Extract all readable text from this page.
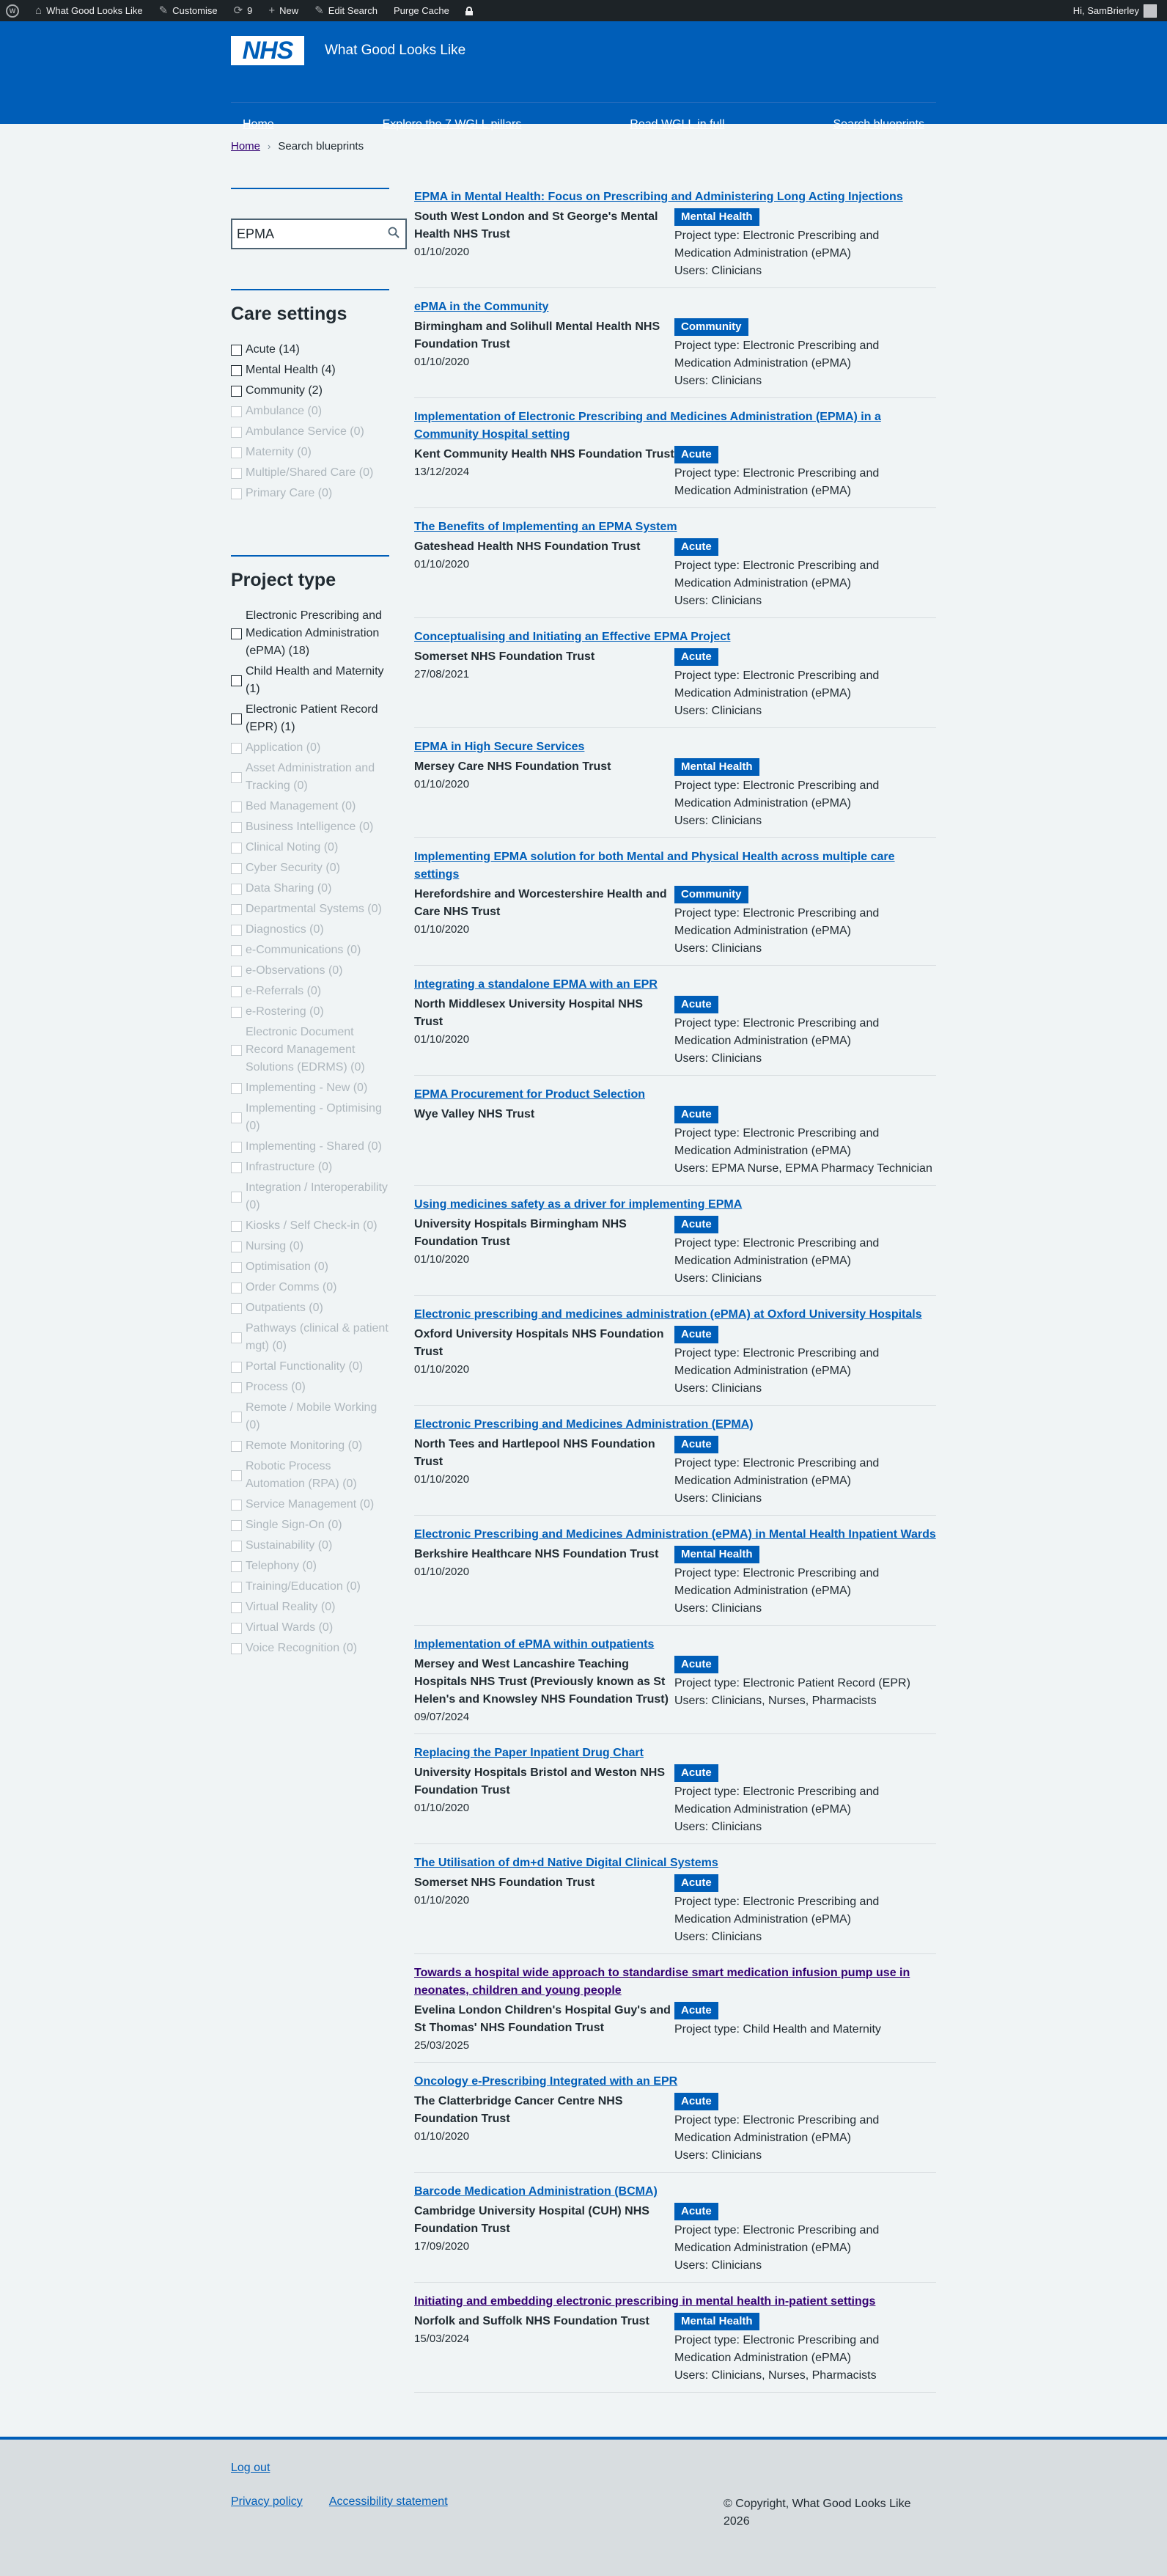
W	⌂ What Good Looks Like ✎ Customise ⟳ 9 + New ✎ Edit Search Purge Cache	Hi, SamBrierley
NHS	What Good Looks Like
Home	Explore the 7 WGLL pillars	Read WGLL in full	Search blueprints
Home › Search blueprints
EPMA
Care settings
Acute (14)
Mental Health (4)
Community (2)
Ambulance (0)
Ambulance Service (0)
Maternity (0)
Multiple/Shared Care (0)
Primary Care (0)
Project type
Electronic Prescribing and Medication Administration (ePMA) (18)
Child Health and Maternity (1)
Electronic Patient Record (EPR) (1)
Application (0)
Asset Administration and Tracking (0)
Bed Management (0)
Business Intelligence (0)
Clinical Noting (0)
Cyber Security (0)
Data Sharing (0)
Departmental Systems (0)
Diagnostics (0)
e-Communications (0)
e-Observations (0)
e-Referrals (0)
e-Rostering (0)
Electronic Document Record Management Solutions (EDRMS) (0)
Implementing - New (0)
Implementing - Optimising (0)
Implementing - Shared (0)
Infrastructure (0)
Integration / Interoperability (0)
Kiosks / Self Check-in (0)
Nursing (0)
Optimisation (0)
Order Comms (0)
Outpatients (0)
Pathways (clinical & patient mgt) (0)
Portal Functionality (0)
Process (0)
Remote / Mobile Working (0)
Remote Monitoring (0)
Robotic Process Automation (RPA) (0)
Service Management (0)
Single Sign-On (0)
Sustainability (0)
Telephony (0)
Training/Education (0)
Virtual Reality (0)
Virtual Wards (0)
Voice Recognition (0)
EPMA in Mental Health: Focus on Prescribing and Administering Long Acting Injections
South West London and St George's Mental Health NHS Trust
01/10/2020
Mental Health
Project type: Electronic Prescribing and Medication Administration (ePMA)
Users: Clinicians
ePMA in the Community
Birmingham and Solihull Mental Health NHS Foundation Trust
01/10/2020
Community
Project type: Electronic Prescribing and Medication Administration (ePMA)
Users: Clinicians
Implementation of Electronic Prescribing and Medicines Administration (EPMA) in a Community Hospital setting
Kent Community Health NHS Foundation Trust
13/12/2024
Acute
Project type: Electronic Prescribing and Medication Administration (ePMA)
The Benefits of Implementing an EPMA System
Gateshead Health NHS Foundation Trust
01/10/2020
Acute
Project type: Electronic Prescribing and Medication Administration (ePMA)
Users: Clinicians
Conceptualising and Initiating an Effective EPMA Project
Somerset NHS Foundation Trust
27/08/2021
Acute
Project type: Electronic Prescribing and Medication Administration (ePMA)
Users: Clinicians
EPMA in High Secure Services
Mersey Care NHS Foundation Trust
01/10/2020
Mental Health
Project type: Electronic Prescribing and Medication Administration (ePMA)
Users: Clinicians
Implementing EPMA solution for both Mental and Physical Health across multiple care settings
Herefordshire and Worcestershire Health and Care NHS Trust
01/10/2020
Community
Project type: Electronic Prescribing and Medication Administration (ePMA)
Users: Clinicians
Integrating a standalone EPMA with an EPR
North Middlesex University Hospital NHS Trust
01/10/2020
Acute
Project type: Electronic Prescribing and Medication Administration (ePMA)
Users: Clinicians
EPMA Procurement for Product Selection
Wye Valley NHS Trust	Acute
Project type: Electronic Prescribing and Medication Administration (ePMA)
Users: EPMA Nurse, EPMA Pharmacy Technician
Using medicines safety as a driver for implementing EPMA
University Hospitals Birmingham NHS Foundation Trust
01/10/2020
Acute
Project type: Electronic Prescribing and Medication Administration (ePMA)
Users: Clinicians
Electronic prescribing and medicines administration (ePMA) at Oxford University Hospitals
Oxford University Hospitals NHS Foundation Trust
01/10/2020
Acute
Project type: Electronic Prescribing and Medication Administration (ePMA)
Users: Clinicians
Electronic Prescribing and Medicines Administration (EPMA)
North Tees and Hartlepool NHS Foundation Trust
01/10/2020
Acute
Project type: Electronic Prescribing and Medication Administration (ePMA)
Users: Clinicians
Electronic Prescribing and Medicines Administration (ePMA) in Mental Health Inpatient Wards
Berkshire Healthcare NHS Foundation Trust
01/10/2020
Mental Health
Project type: Electronic Prescribing and Medication Administration (ePMA)
Users: Clinicians
Implementation of ePMA within outpatients
Mersey and West Lancashire Teaching Hospitals NHS Trust (Previously known as St Helen's and Knowsley NHS Foundation Trust)
09/07/2024
Acute
Project type: Electronic Patient Record (EPR)
Users: Clinicians, Nurses, Pharmacists
Replacing the Paper Inpatient Drug Chart
University Hospitals Bristol and Weston NHS Foundation Trust
01/10/2020
Acute
Project type: Electronic Prescribing and Medication Administration (ePMA)
Users: Clinicians
The Utilisation of dm+d Native Digital Clinical Systems
Somerset NHS Foundation Trust
01/10/2020
Acute
Project type: Electronic Prescribing and Medication Administration (ePMA)
Users: Clinicians
Towards a hospital wide approach to standardise smart medication infusion pump use in neonates, children and young people
Evelina London Children's Hospital Guy's and St Thomas' NHS Foundation Trust
25/03/2025
Acute
Project type: Child Health and Maternity
Oncology e-Prescribing Integrated with an EPR
The Clatterbridge Cancer Centre NHS Foundation Trust
01/10/2020
Acute
Project type: Electronic Prescribing and Medication Administration (ePMA)
Users: Clinicians
Barcode Medication Administration (BCMA)
Cambridge University Hospital (CUH) NHS Foundation Trust
17/09/2020
Acute
Project type: Electronic Prescribing and Medication Administration (ePMA)
Users: Clinicians
Initiating and embedding electronic prescribing in mental health in-patient settings
Norfolk and Suffolk NHS Foundation Trust
15/03/2024
Mental Health
Project type: Electronic Prescribing and Medication Administration (ePMA)
Users: Clinicians, Nurses, Pharmacists
Log out
Privacy policy Accessibility statement	© Copyright, What Good Looks Like 2026
